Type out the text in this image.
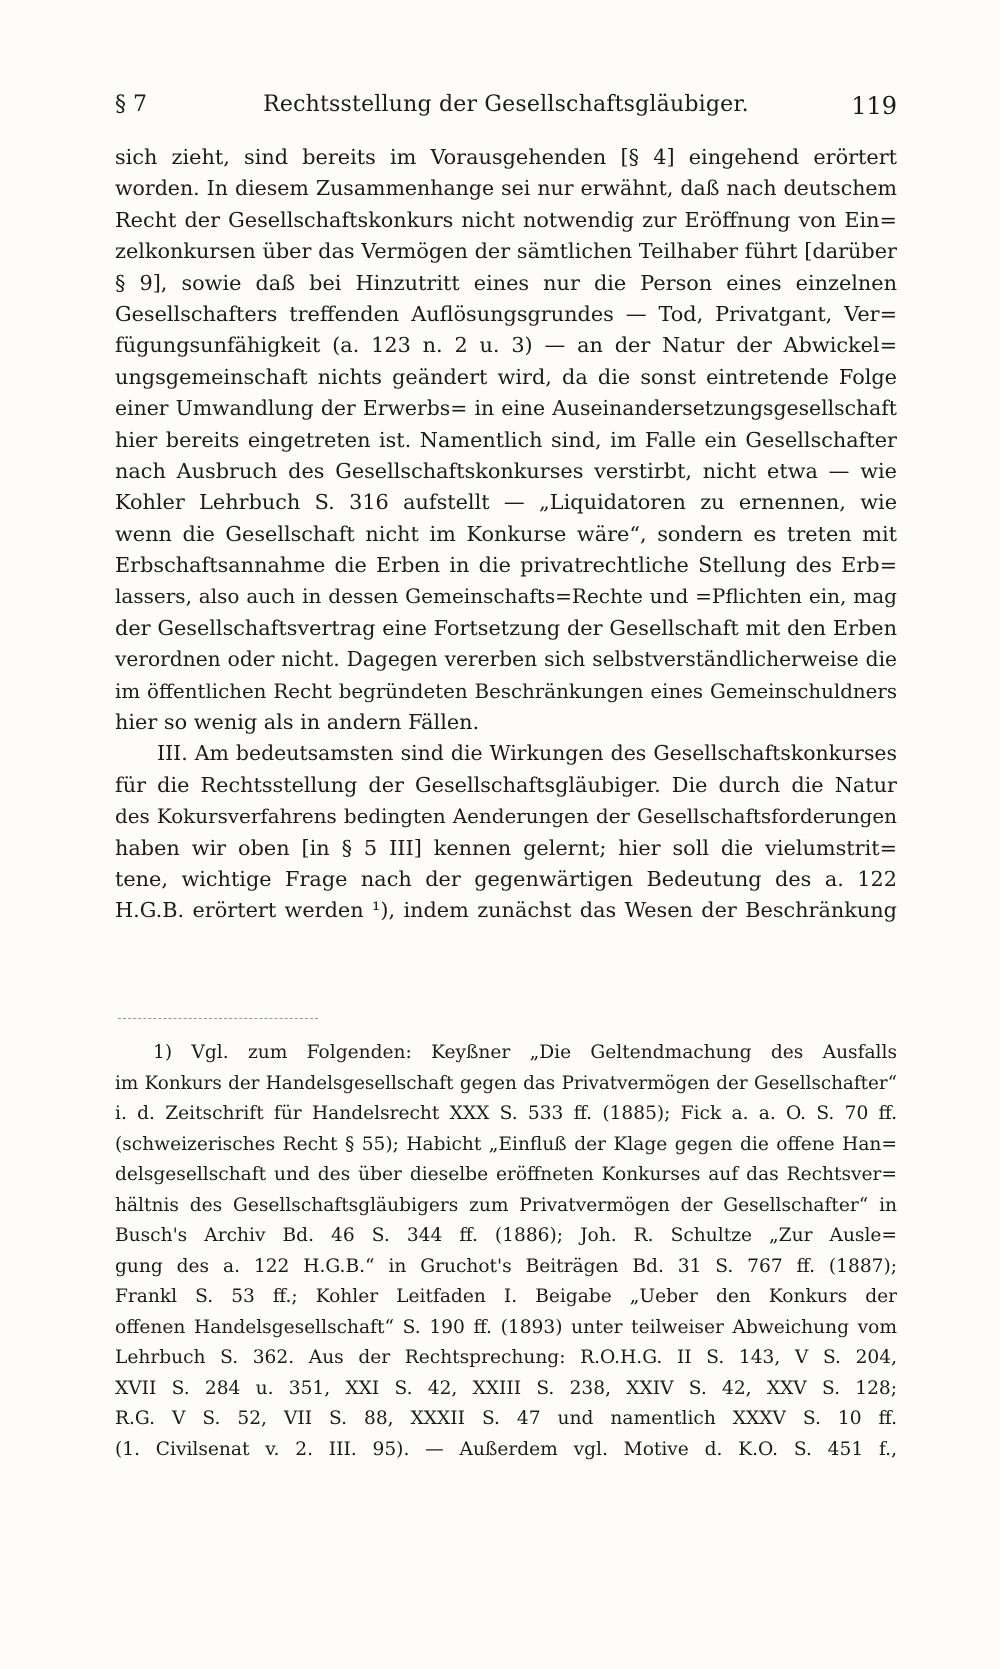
§ 7	Rechtsstellung der Gesellschaftsgläubiger.	119
sich zieht, sind bereits im Vorausgehenden [§ 4] eingehend erörtert
worden. In diesem Zusammenhange sei nur erwähnt, daß nach deutschem
Recht der Gesellschaftskonkurs nicht notwendig zur Eröffnung von Ein=
zelkonkursen über das Vermögen der sämtlichen Teilhaber führt [darüber
§ 9], sowie daß bei Hinzutritt eines nur die Person eines einzelnen
Gesellschafters treffenden Auflösungsgrundes — Tod, Privatgant, Ver=
fügungsunfähigkeit (a. 123 n. 2 u. 3) — an der Natur der Abwickel=
ungsgemeinschaft nichts geändert wird, da die sonst eintretende Folge
einer Umwandlung der Erwerbs= in eine Auseinandersetzungsgesellschaft
hier bereits eingetreten ist. Namentlich sind, im Falle ein Gesellschafter
nach Ausbruch des Gesellschaftskonkurses verstirbt, nicht etwa — wie
Kohler Lehrbuch S. 316 aufstellt — „Liquidatoren zu ernennen, wie
wenn die Gesellschaft nicht im Konkurse wäre“, sondern es treten mit
Erbschaftsannahme die Erben in die privatrechtliche Stellung des Erb=
lassers, also auch in dessen Gemeinschafts=Rechte und =Pflichten ein, mag
der Gesellschaftsvertrag eine Fortsetzung der Gesellschaft mit den Erben
verordnen oder nicht. Dagegen vererben sich selbstverständlicherweise die
im öffentlichen Recht begründeten Beschränkungen eines Gemeinschuldners
hier so wenig als in andern Fällen.
III. Am bedeutsamsten sind die Wirkungen des Gesellschaftskonkurses
für die Rechtsstellung der Gesellschaftsgläubiger. Die durch die Natur
des Kokursverfahrens bedingten Aenderungen der Gesellschaftsforderungen
haben wir oben [in § 5 III] kennen gelernt; hier soll die vielumstrit=
tene, wichtige Frage nach der gegenwärtigen Bedeutung des a. 122
H.G.B. erörtert werden ¹), indem zunächst das Wesen der Beschränkung
1) Vgl. zum Folgenden: Keyßner „Die Geltendmachung des Ausfalls
im Konkurs der Handelsgesellschaft gegen das Privatvermögen der Gesellschafter“
i. d. Zeitschrift für Handelsrecht XXX S. 533 ff. (1885); Fick a. a. O. S. 70 ff.
(schweizerisches Recht § 55); Habicht „Einfluß der Klage gegen die offene Han=
delsgesellschaft und des über dieselbe eröffneten Konkurses auf das Rechtsver=
hältnis des Gesellschaftsgläubigers zum Privatvermögen der Gesellschafter“ in
Busch's Archiv Bd. 46 S. 344 ff. (1886); Joh. R. Schultze „Zur Ausle=
gung des a. 122 H.G.B.“ in Gruchot's Beiträgen Bd. 31 S. 767 ff. (1887);
Frankl S. 53 ff.; Kohler Leitfaden I. Beigabe „Ueber den Konkurs der
offenen Handelsgesellschaft“ S. 190 ff. (1893) unter teilweiser Abweichung vom
Lehrbuch S. 362. Aus der Rechtsprechung: R.O.H.G. II S. 143, V S. 204,
XVII S. 284 u. 351, XXI S. 42, XXIII S. 238, XXIV S. 42, XXV S. 128;
R.G. V S. 52, VII S. 88, XXXII S. 47 und namentlich XXXV S. 10 ff.
(1. Civilsenat v. 2. III. 95). — Außerdem vgl. Motive d. K.O. S. 451 f.,
